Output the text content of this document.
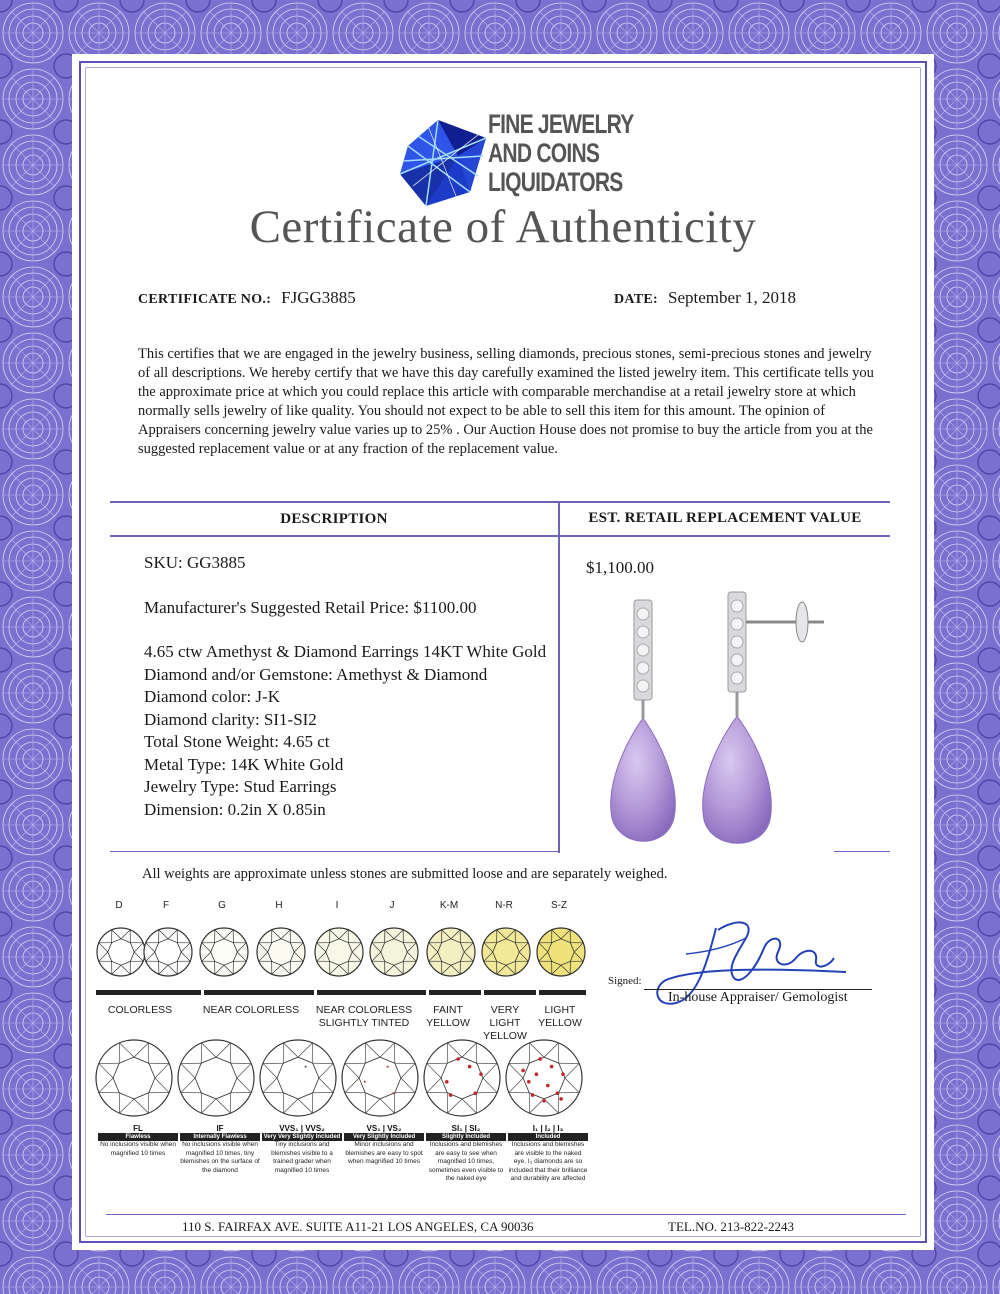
FINE JEWELRY
AND COINS
LIQUIDATORS
Certificate of Authenticity
CERTIFICATE NO.: FJGG3885	DATE: September 1, 2018
This certifies that we are engaged in the jewelry business, selling diamonds, precious stones, semi-precious stones and jewelry of all descriptions. We hereby certify that we have this day carefully examined the listed jewelry item. This certificate tells you the approximate price at which you could replace this article with comparable merchandise at a retail jewelry store at which normally sells jewelry of like quality. You should not expect to be able to sell this item for this amount. The opinion of Appraisers concerning jewelry value varies up to 25% . Our Auction House does not promise to buy the article from you at the suggested replacement value or at any fraction of the replacement value.
DESCRIPTION	EST. RETAIL REPLACEMENT VALUE
SKU: GG3885
Manufacturer's Suggested Retail Price: $1100.00
4.65 ctw Amethyst & Diamond Earrings 14KT White Gold
Diamond and/or Gemstone: Amethyst & Diamond
Diamond color: J-K
Diamond clarity: SI1-SI2
Total Stone Weight: 4.65 ct
Metal Type: 14K White Gold
Jewelry Type: Stud Earrings
Dimension: 0.2in X 0.85in
$1,100.00
All weights are approximate unless stones are submitted loose and are separately weighed.
D	F	G	H	I	J	K-M	N-R	S-Z
COLORLESS	NEAR COLORLESS	NEAR COLORLESS SLIGHTLY TINTED
FAINT YELLOW
VERY LIGHT YELLOW
LIGHT YELLOW
FL
Flawless
No inclusions visible when magnified 10 times
IF
Internally Flawless
No inclusions visible when magnified 10 times, tiny blemishes on the surface of the diamond
VVS₁ | VVS₂
Very Very Slightly Included
Tiny inclusions and blemishes visible to a trained grader when magnified 10 times
VS₁ | VS₂
Very Slightly Included
Minor inclusions and blemishes are easy to spot when magnified 10 times
SI₁ | SI₂
Slightly Included
Inclusions and blemishes are easy to see when magnified 10 times, sometimes even visible to the naked eye
I₁ | I₂ | I₃
Included
Inclusions and blemishes are visible to the naked eye. I₃ diamonds are so included that their brilliance and durability are affected
Signed:
In-house Appraiser/ Gemologist
110 S. FAIRFAX AVE. SUITE A11-21 LOS ANGELES, CA 90036	TEL.NO. 213-822-2243
